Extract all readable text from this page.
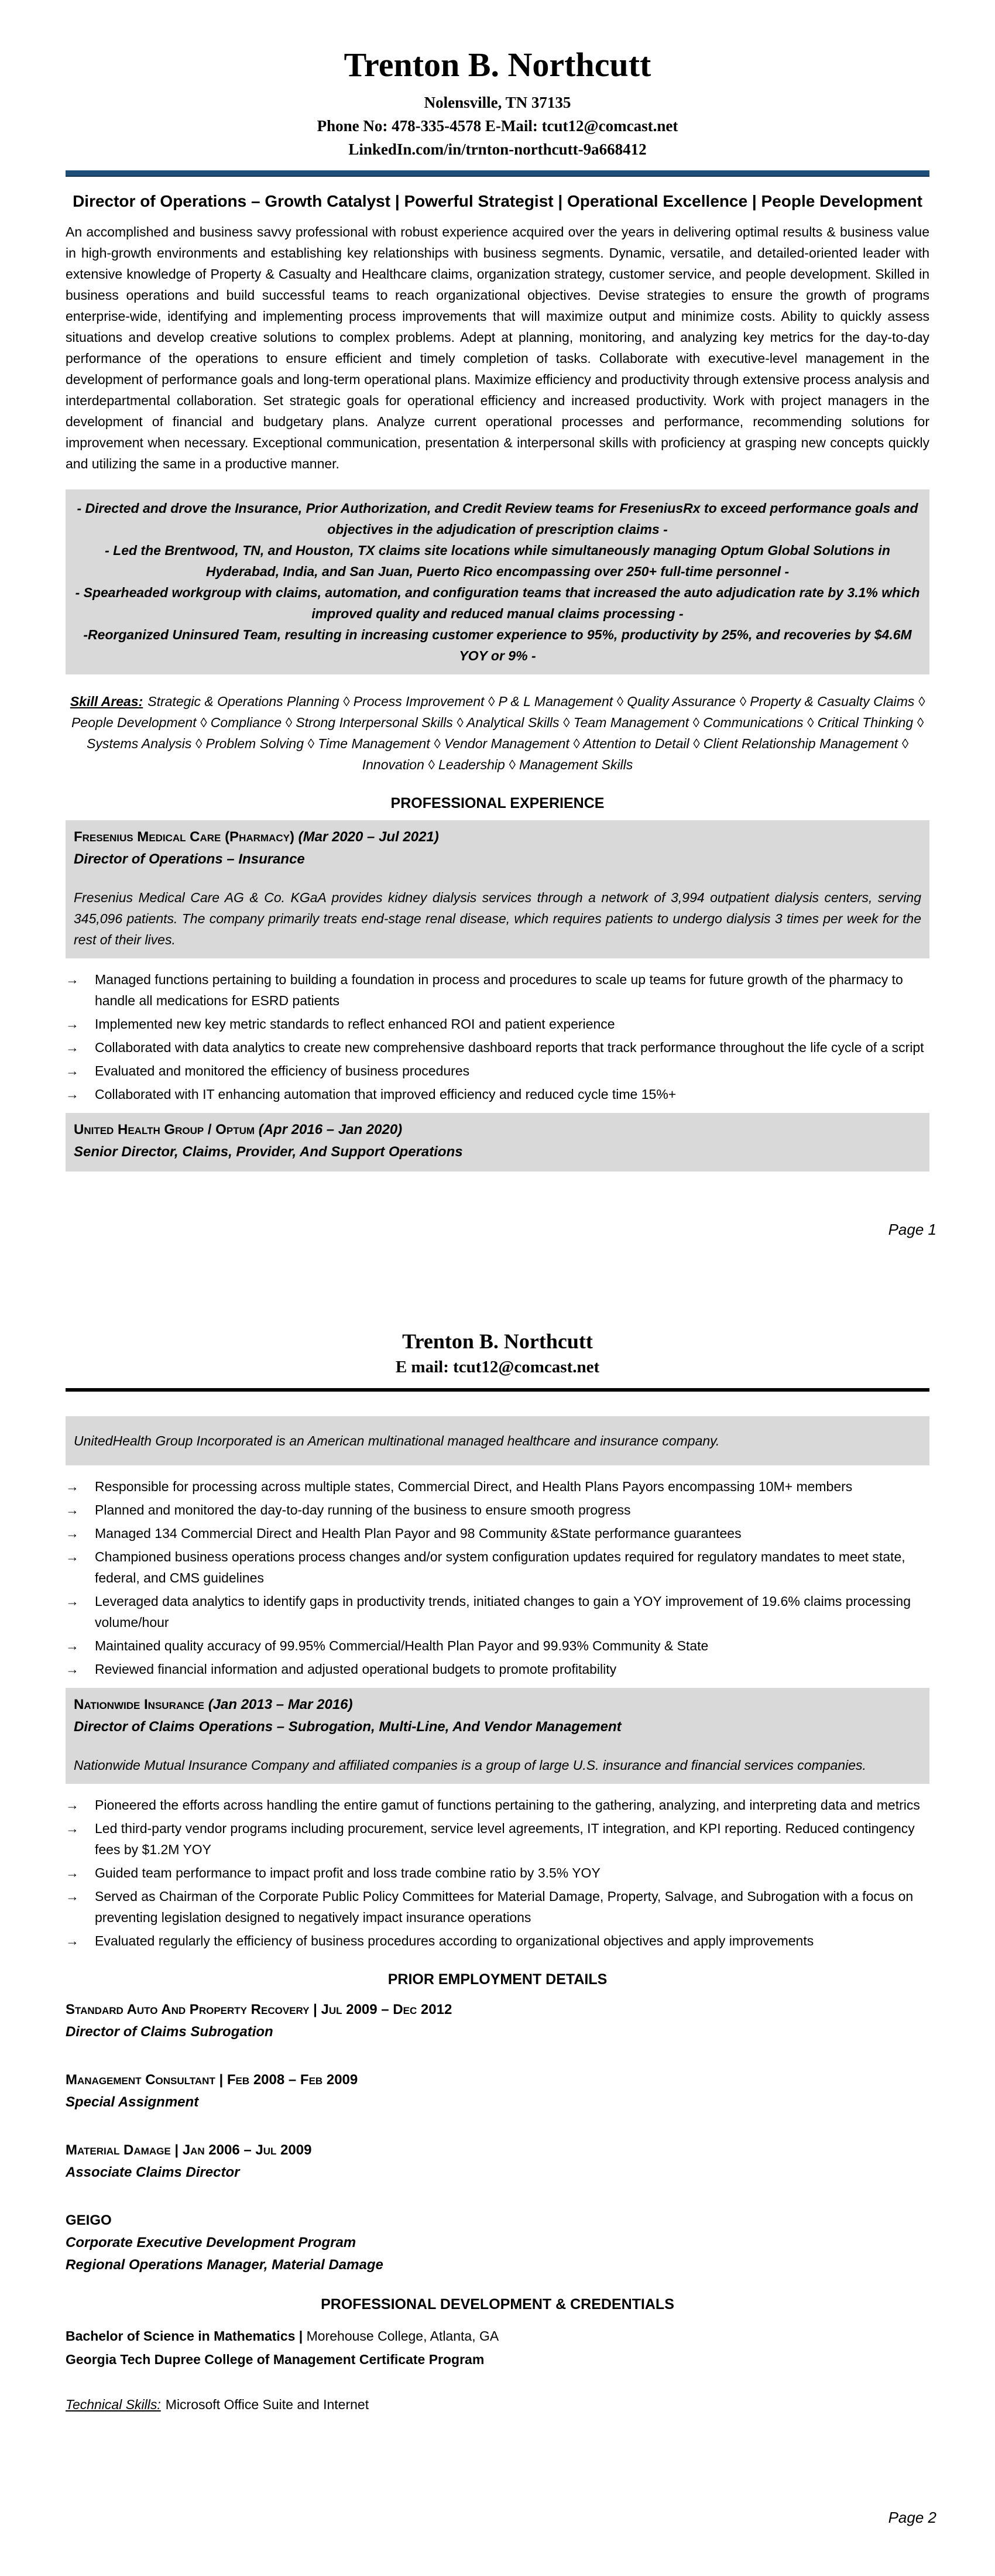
Trenton B. Northcutt
Nolensville, TN 37135
Phone No: 478-335-4578 E-Mail: tcut12@comcast.net
LinkedIn.com/in/trnton-northcutt-9a668412
Director of Operations – Growth Catalyst | Powerful Strategist | Operational Excellence | People Development

An accomplished and business savvy professional with robust experience acquired over the years in delivering optimal results & business value in high-growth environments and establishing key relationships with business segments. Dynamic, versatile, and detailed-oriented leader with extensive knowledge of Property & Casualty and Healthcare claims, organization strategy, customer service, and people development. Skilled in business operations and build successful teams to reach organizational objectives. Devise strategies to ensure the growth of programs enterprise-wide, identifying and implementing process improvements that will maximize output and minimize costs. Ability to quickly assess situations and develop creative solutions to complex problems. Adept at planning, monitoring, and analyzing key metrics for the day-to-day performance of the operations to ensure efficient and timely completion of tasks. Collaborate with executive-level management in the development of performance goals and long-term operational plans. Maximize efficiency and productivity through extensive process analysis and interdepartmental collaboration. Set strategic goals for operational efficiency and increased productivity. Work with project managers in the development of financial and budgetary plans. Analyze current operational processes and performance, recommending solutions for improvement when necessary. Exceptional communication, presentation & interpersonal skills with proficiency at grasping new concepts quickly and utilizing the same in a productive manner.

- Directed and drove the Insurance, Prior Authorization, and Credit Review teams for FreseniusRx to exceed performance goals and objectives in the adjudication of prescription claims -

- Led the Brentwood, TN, and Houston, TX claims site locations while simultaneously managing Optum Global Solutions in Hyderabad, India, and San Juan, Puerto Rico encompassing over 250+ full-time personnel -

- Spearheaded workgroup with claims, automation, and configuration teams that increased the auto adjudication rate by 3.1% which improved quality and reduced manual claims processing -

-Reorganized Uninsured Team, resulting in increasing customer experience to 95%, productivity by 25%, and recoveries by $4.6M YOY or 9% -

Skill Areas: Strategic & Operations Planning ◊ Process Improvement ◊ P & L Management ◊ Quality Assurance ◊ Property & Casualty Claims ◊ People Development ◊ Compliance ◊ Strong Interpersonal Skills ◊ Analytical Skills ◊ Team Management ◊ Communications ◊ Critical Thinking ◊ Systems Analysis ◊ Problem Solving ◊ Time Management ◊ Vendor Management ◊ Attention to Detail ◊ Client Relationship Management ◊ Innovation ◊ Leadership ◊ Management Skills

PROFESSIONAL EXPERIENCE
Fresenius Medical Care (Pharmacy) (Mar 2020 – Jul 2021)
Director of Operations – Insurance

Fresenius Medical Care AG & Co. KGaA provides kidney dialysis services through a network of 3,994 outpatient dialysis centers, serving 345,096 patients. The company primarily treats end-stage renal disease, which requires patients to undergo dialysis 3 times per week for the rest of their lives.

→ Managed functions pertaining to building a foundation in process and procedures to scale up teams for future growth of the pharmacy to handle all medications for ESRD patients
→ Implemented new key metric standards to reflect enhanced ROI and patient experience
→ Collaborated with data analytics to create new comprehensive dashboard reports that track performance throughout the life cycle of a script
→ Evaluated and monitored the efficiency of business procedures
→ Collaborated with IT enhancing automation that improved efficiency and reduced cycle time 15%+
United Health Group / Optum (Apr 2016 – Jan 2020)
Senior Director, Claims, Provider, And Support Operations
Page 1
Trenton B. Northcutt
E mail: tcut12@comcast.net
UnitedHealth Group Incorporated is an American multinational managed healthcare and insurance company.
→ Responsible for processing across multiple states, Commercial Direct, and Health Plans Payors encompassing 10M+ members
→ Planned and monitored the day-to-day running of the business to ensure smooth progress
→ Managed 134 Commercial Direct and Health Plan Payor and 98 Community &State performance guarantees
→ Championed business operations process changes and/or system configuration updates required for regulatory mandates to meet state, federal, and CMS guidelines
→ Leveraged data analytics to identify gaps in productivity trends, initiated changes to gain a YOY improvement of 19.6% claims processing volume/hour
→ Maintained quality accuracy of 99.95% Commercial/Health Plan Payor and 99.93% Community & State
→ Reviewed financial information and adjusted operational budgets to promote profitability
Nationwide Insurance (Jan 2013 – Mar 2016)
Director of Claims Operations – Subrogation, Multi-Line, And Vendor Management

Nationwide Mutual Insurance Company and affiliated companies is a group of large U.S. insurance and financial services companies.

→ Pioneered the efforts across handling the entire gamut of functions pertaining to the gathering, analyzing, and interpreting data and metrics
→ Led third-party vendor programs including procurement, service level agreements, IT integration, and KPI reporting. Reduced contingency fees by $1.2M YOY
→ Guided team performance to impact profit and loss trade combine ratio by 3.5% YOY
→ Served as Chairman of the Corporate Public Policy Committees for Material Damage, Property, Salvage, and Subrogation with a focus on preventing legislation designed to negatively impact insurance operations
→ Evaluated regularly the efficiency of business procedures according to organizational objectives and apply improvements
PRIOR EMPLOYMENT DETAILS
Standard Auto And Property Recovery | Jul 2009 – Dec 2012
Director of Claims Subrogation
Management Consultant | Feb 2008 – Feb 2009
Special Assignment
Material Damage | Jan 2006 – Jul 2009
Associate Claims Director
GEIGO
Corporate Executive Development Program
Regional Operations Manager, Material Damage
PROFESSIONAL DEVELOPMENT & CREDENTIALS
Bachelor of Science in Mathematics | Morehouse College, Atlanta, GA
Georgia Tech Dupree College of Management Certificate Program
Technical Skills: Microsoft Office Suite and Internet
Page 2
